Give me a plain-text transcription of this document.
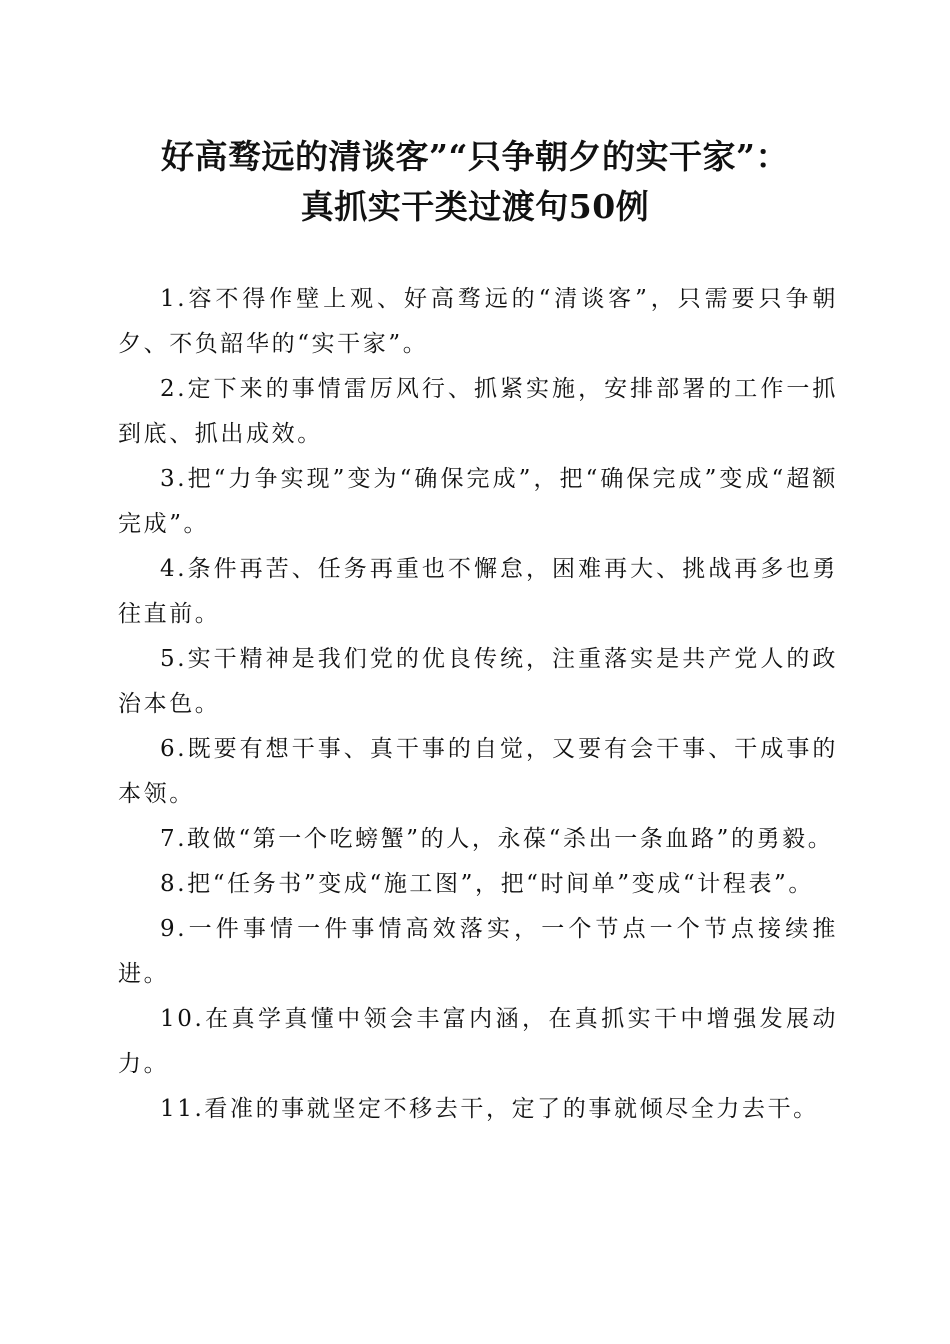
好高骛远的清谈客”“只争朝夕的实干家”：
真抓实干类过渡句50例

1.容不得作壁上观、好高骛远的“清谈客”，只需要只争朝夕、不负韶华的“实干家”。

2.定下来的事情雷厉风行、抓紧实施，安排部署的工作一抓到底、抓出成效。

3.把“力争实现”变为“确保完成”，把“确保完成”变成“超额完成”。

4.条件再苦、任务再重也不懈怠，困难再大、挑战再多也勇往直前。

5.实干精神是我们党的优良传统，注重落实是共产党人的政治本色。

6.既要有想干事、真干事的自觉，又要有会干事、干成事的本领。

7.敢做“第一个吃螃蟹”的人，永葆“杀出一条血路”的勇毅。

8.把“任务书”变成“施工图”，把“时间单”变成“计程表”。

9.一件事情一件事情高效落实，一个节点一个节点接续推进。

10.在真学真懂中领会丰富内涵，在真抓实干中增强发展动力。

11.看准的事就坚定不移去干，定了的事就倾尽全力去干。
